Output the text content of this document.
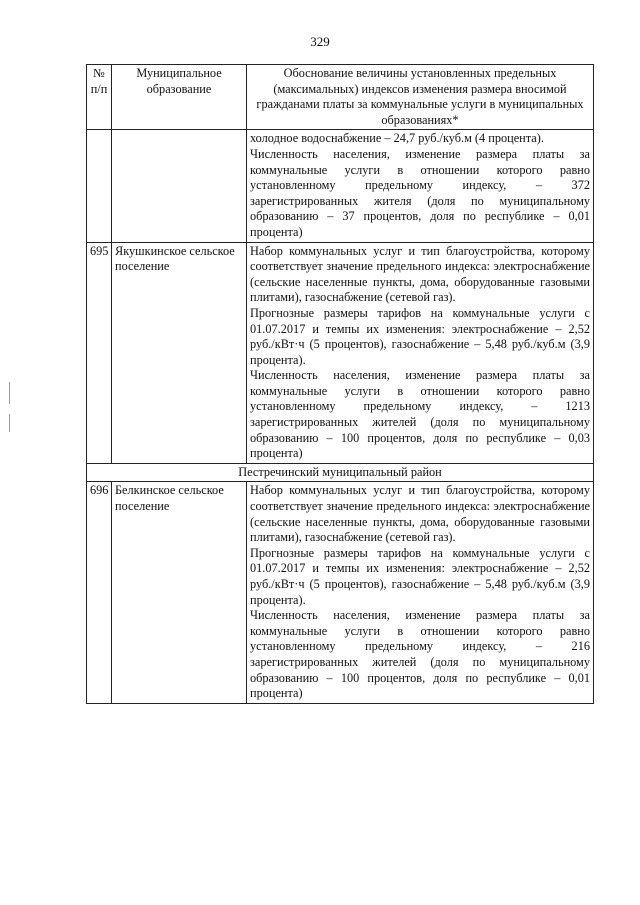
329
№ п/п	Муниципальное образование	Обоснование величины установленных предельных (максимальных) индексов изменения размера вносимой гражданами платы за коммунальные услуги в муниципальных образованиях*

		холодное водоснабжение – 24,7 руб./куб.м (4 процента).
Численность населения, изменение размера платы за коммунальные услуги в отношении которого равно установленному предельному индексу, – 372 зарегистрированных жителя (доля по муниципальному образованию – 37 процентов, доля по республике – 0,01 процента)

695	Якушкинское сельское поселение	Набор коммунальных услуг и тип благоустройства, которому соответствует значение предельного индекса: электроснабжение (сельские населенные пункты, дома, оборудованные газовыми плитами), газоснабжение (сетевой газ).
Прогнозные размеры тарифов на коммунальные услуги с 01.07.2017 и темпы их изменения: электроснабжение – 2,52 руб./кВт·ч (5 процентов), газоснабжение – 5,48 руб./куб.м (3,9 процента).
Численность населения, изменение размера платы за коммунальные услуги в отношении которого равно установленному предельному индексу, – 1213 зарегистрированных жителей (доля по муниципальному образованию – 100 процентов, доля по республике – 0,03 процента)

Пестречинский муниципальный район		
696	Белкинское сельское поселение	Набор коммунальных услуг и тип благоустройства, которому соответствует значение предельного индекса: электроснабжение (сельские населенные пункты, дома, оборудованные газовыми плитами), газоснабжение (сетевой газ).
Прогнозные размеры тарифов на коммунальные услуги с 01.07.2017 и темпы их изменения: электроснабжение – 2,52 руб./кВт·ч (5 процентов), газоснабжение – 5,48 руб./куб.м (3,9 процента).
Численность населения, изменение размера платы за коммунальные услуги в отношении которого равно установленному предельному индексу, – 216 зарегистрированных жителей (доля по муниципальному образованию – 100 процентов, доля по республике – 0,01 процента)
